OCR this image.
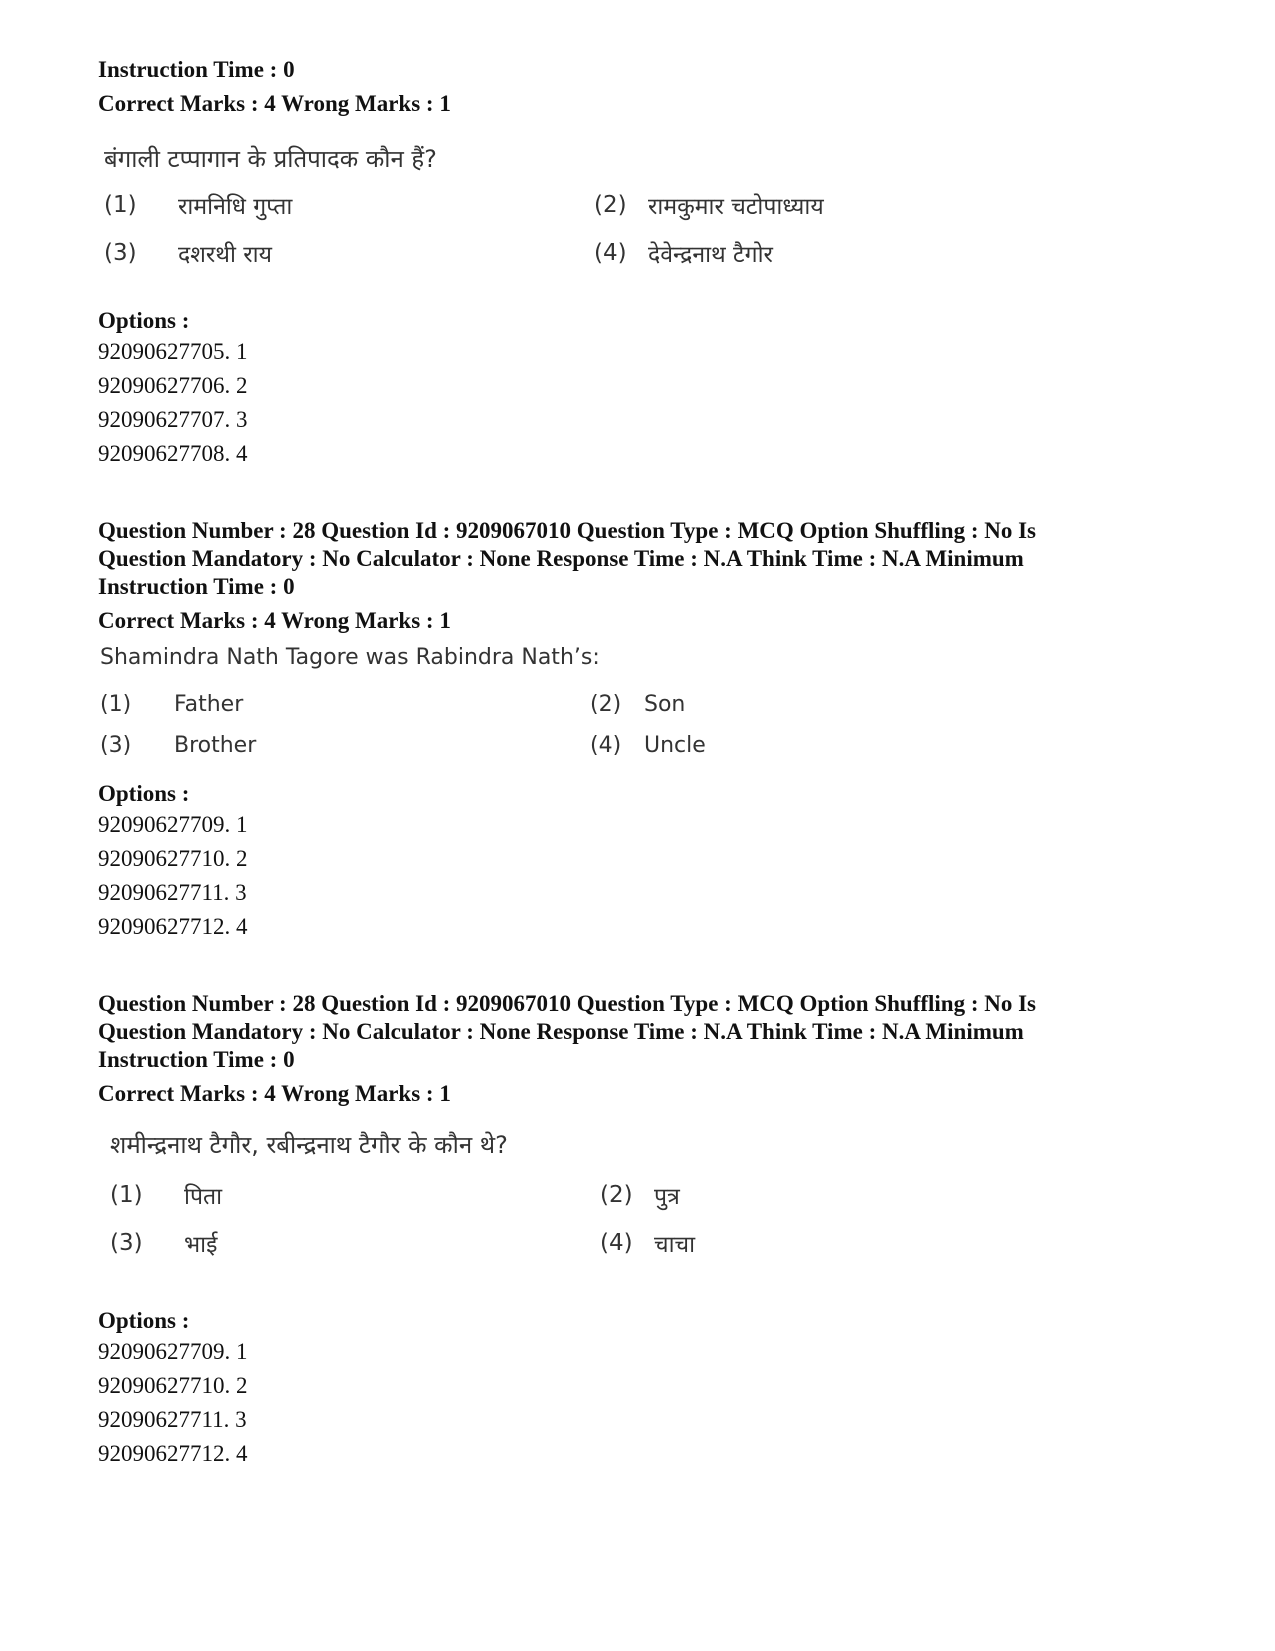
Instruction Time : 0

Correct Marks : 4 Wrong Marks : 1

बंगाली टप्पागान के प्रतिपादक कौन हैं?

(1)	रामनिधि गुप्ता	(2) रामकुमार चटोपाध्याय
(3)	दशरथी राय	(4) देवेन्द्रनाथ टैगोर

Options :

92090627705. 1

92090627706. 2

92090627707. 3

92090627708. 4

Question Number : 28 Question Id : 9209067010 Question Type : MCQ Option Shuffling : No Is

Question Mandatory : No Calculator : None Response Time : N.A Think Time : N.A Minimum

Instruction Time : 0

Correct Marks : 4 Wrong Marks : 1

Shamindra Nath Tagore was Rabindra Nath’s:

(1)	Father	(2)	Son
(3)	Brother	(4)	Uncle

Options :

92090627709. 1

92090627710. 2

92090627711. 3

92090627712. 4

Question Number : 28 Question Id : 9209067010 Question Type : MCQ Option Shuffling : No Is

Question Mandatory : No Calculator : None Response Time : N.A Think Time : N.A Minimum

Instruction Time : 0

Correct Marks : 4 Wrong Marks : 1

शमीन्द्रनाथ टैगौर, रबीन्द्रनाथ टैगौर के कौन थे?

(1)	पिता	(2) पुत्र
(3)	भाई	(4) चाचा

Options :

92090627709. 1

92090627710. 2

92090627711. 3

92090627712. 4
